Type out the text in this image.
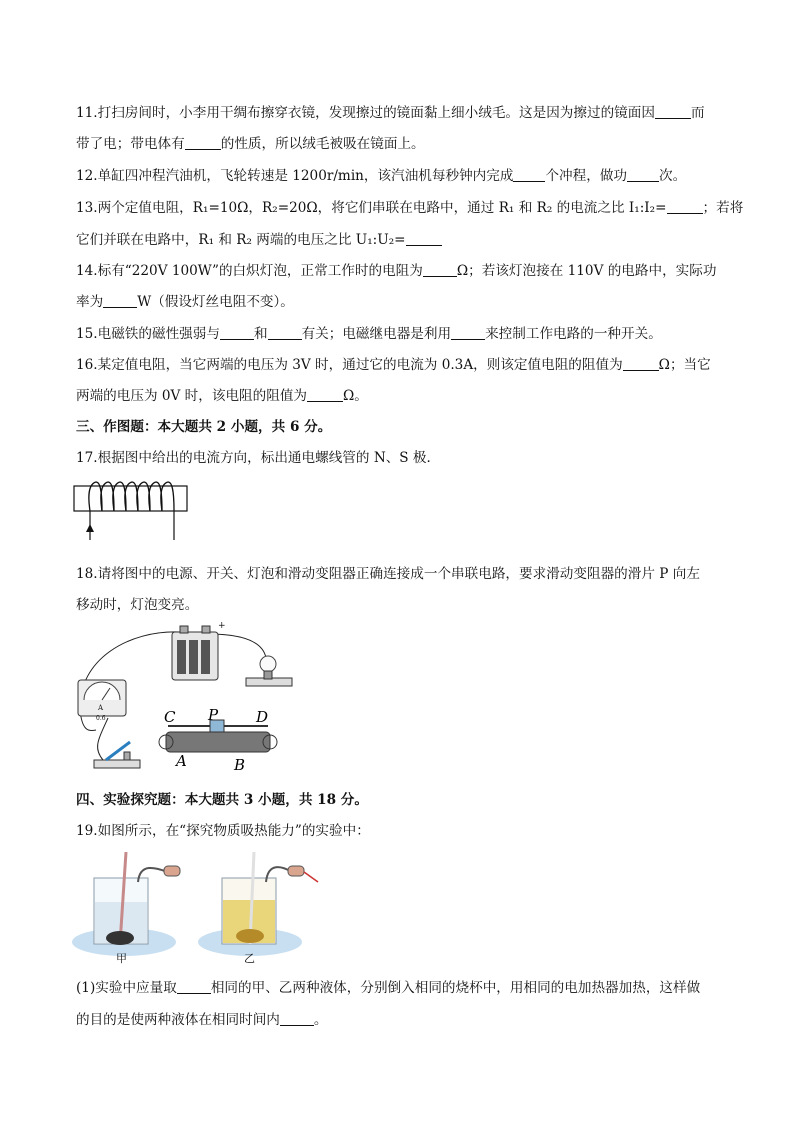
11.打扫房间时，小李用干绸布擦穿衣镜，发现擦过的镜面黏上细小绒毛。这是因为擦过的镜面因	而
带了电；带电体有	的性质，所以绒毛被吸在镜面上。
12.单缸四冲程汽油机，飞轮转速是 1200r/min，该汽油机每秒钟内完成 个冲程，做功 次。
13.两个定值电阻，R₁=10Ω，R₂=20Ω，将它们串联在电路中，通过 R₁ 和 R₂ 的电流之比 I₁:I₂=	；若将
它们并联在电路中，R₁ 和 R₂ 两端的电压之比 U₁:U₂=
14.标有“220V 100W”的白炽灯泡，正常工作时的电阻为	Ω；若该灯泡接在 110V 的电路中，实际功
率为	W（假设灯丝电阻不变）。
15.电磁铁的磁性强弱与	和	有关；电磁继电器是利用	来控制工作电路的一种开关。
16.某定值电阻，当它两端的电压为 3V 时，通过它的电流为 0.3A，则该定值电阻的阻值为	Ω；当它
两端的电压为 0V 时，该电阻的阻值为	Ω。
三、作图题：本大题共 2 小题，共 6 分。
17.根据图中给出的电流方向，标出通电螺线管的 N、S 极．
18.请将图中的电源、开关、灯泡和滑动变阻器正确连接成一个串联电路，要求滑动变阻器的滑片 P 向左
移动时，灯泡变亮。
+
A
0.6	C P	D
A	B
四、实验探究题：本大题共 3 小题，共 18 分。
19.如图所示，在“探究物质吸热能力”的实验中：
甲	乙
(1)实验中应量取	相同的甲、乙两种液体，分别倒入相同的烧杯中，用相同的电加热器加热，这样做
的目的是使两种液体在相同时间内	。
